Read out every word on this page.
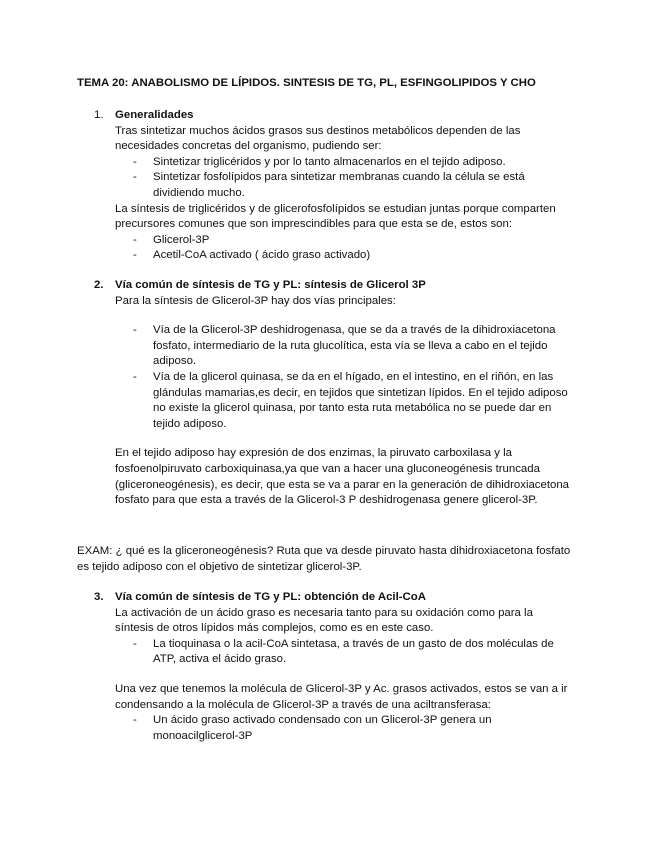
TEMA 20: ANABOLISMO DE LÍPIDOS. SINTESIS DE TG, PL, ESFINGOLIPIDOS Y CHO
1.	Generalidades
Tras sintetizar muchos ácidos grasos sus destinos metabólicos dependen de las necesidades concretas del organismo, pudiendo ser:
- Sintetizar triglicéridos y por lo tanto almacenarlos en el tejido adiposo.
- Sintetizar fosfolípidos para sintetizar membranas cuando la célula se está dividiendo mucho.
La síntesis de triglicéridos y de glicerofosfolípidos se estudian juntas porque comparten precursores comunes que son imprescindibles para que esta se de, estos son:
- Glicerol-3P
- Acetil-CoA activado ( ácido graso activado)
2.	Vía común de síntesis de TG y PL: síntesis de Glicerol 3P
Para la síntesis de Glicerol-3P hay dos vías principales:
- Vía de la Glicerol-3P deshidrogenasa, que se da a través de la dihidroxiacetona fosfato, intermediario de la ruta glucolítica, esta vía se lleva a cabo en el tejido adiposo.
- Vía de la glicerol quinasa, se da en el hígado, en el intestino, en el riñón, en las glándulas mamarias,es decir, en tejidos que sintetizan lípidos. En el tejido adiposo no existe la glicerol quinasa, por tanto esta ruta metabólica no se puede dar en tejido adiposo.
En el tejido adiposo hay expresión de dos enzimas, la piruvato carboxilasa y la fosfoenolpiruvato carboxiquinasa,ya que van a hacer una gluconeogénesis truncada (gliceroneogénesis), es decir, que esta se va a parar en la generación de dihidroxiacetona fosfato para que esta a través de la Glicerol-3 P deshidrogenasa genere glicerol-3P.
EXAM: ¿ qué es la gliceroneogénesis? Ruta que va desde piruvato hasta dihidroxiacetona fosfato es tejido adiposo con el objetivo de sintetizar glicerol-3P.
3.	Vía común de síntesis de TG y PL: obtención de Acil-CoA
La activación de un ácido graso es necesaria tanto para su oxidación como para la síntesis de otros lípidos más complejos, como es en este caso.
- La tioquinasa o la acil-CoA sintetasa, a través de un gasto de dos moléculas de ATP, activa el ácido graso.
Una vez que tenemos la molécula de Glicerol-3P y Ac. grasos activados, estos se van a ir condensando a la molécula de Glicerol-3P a través de una aciltransferasa:
- Un ácido graso activado condensado con un Glicerol-3P genera un monoacilglicerol-3P
